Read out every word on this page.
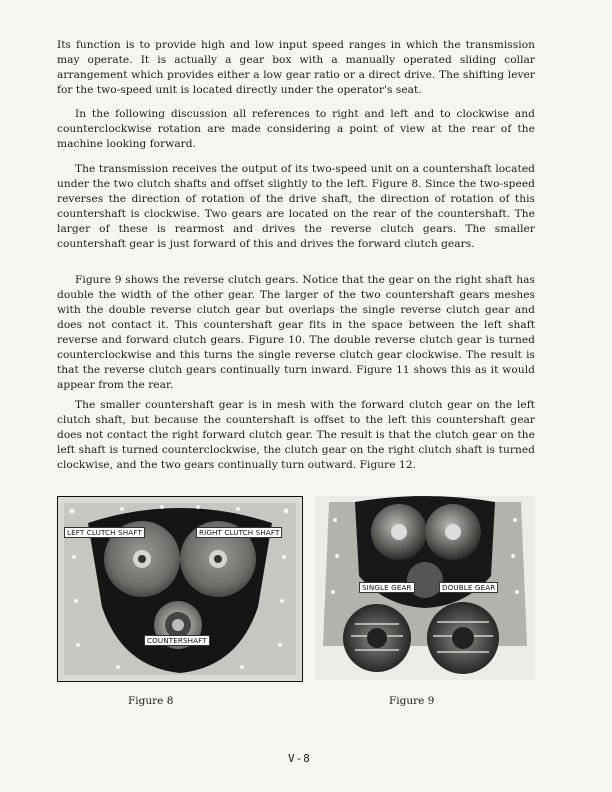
Its function is to provide high and low input speed ranges in which the transmission may operate. It is actually a gear box with a manually operated sliding collar arrangement which provides either a low gear ratio or a direct drive. The shifting lever for the two-speed unit is located directly under the operator's seat.

In the following discussion all references to right and left and to clockwise and counterclockwise rotation are made considering a point of view at the rear of the machine looking forward.

The transmission receives the output of its two-speed unit on a countershaft located under the two clutch shafts and offset slightly to the left. Figure 8. Since the two-speed reverses the direction of rotation of the drive shaft, the direction of rotation of this countershaft is clockwise. Two gears are located on the rear of the countershaft. The larger of these is rearmost and drives the reverse clutch gears. The smaller countershaft gear is just forward of this and drives the forward clutch gears.

Figure 9 shows the reverse clutch gears. Notice that the gear on the right shaft has double the width of the other gear. The larger of the two countershaft gears meshes with the double reverse clutch gear but overlaps the single reverse clutch gear and does not contact it. This countershaft gear fits in the space between the left shaft reverse and forward clutch gears. Figure 10. The double reverse clutch gear is turned counterclockwise and this turns the single reverse clutch gear clockwise. The result is that the reverse clutch gears continually turn inward. Figure 11 shows this as it would appear from the rear.

The smaller countershaft gear is in mesh with the forward clutch gear on the left clutch shaft, but because the countershaft is offset to the left this countershaft gear does not contact the right forward clutch gear. The result is that the clutch gear on the left shaft is turned counterclockwise, the clutch gear on the right clutch shaft is turned clockwise, and the two gears continually turn outward. Figure 12.

LEFT CLUTCH SHAFT	RIGHT CLUTCH SHAFT
COUNTERSHAFT
SINGLE GEAR	DOUBLE GEAR
Figure 8	Figure 9
V-8
